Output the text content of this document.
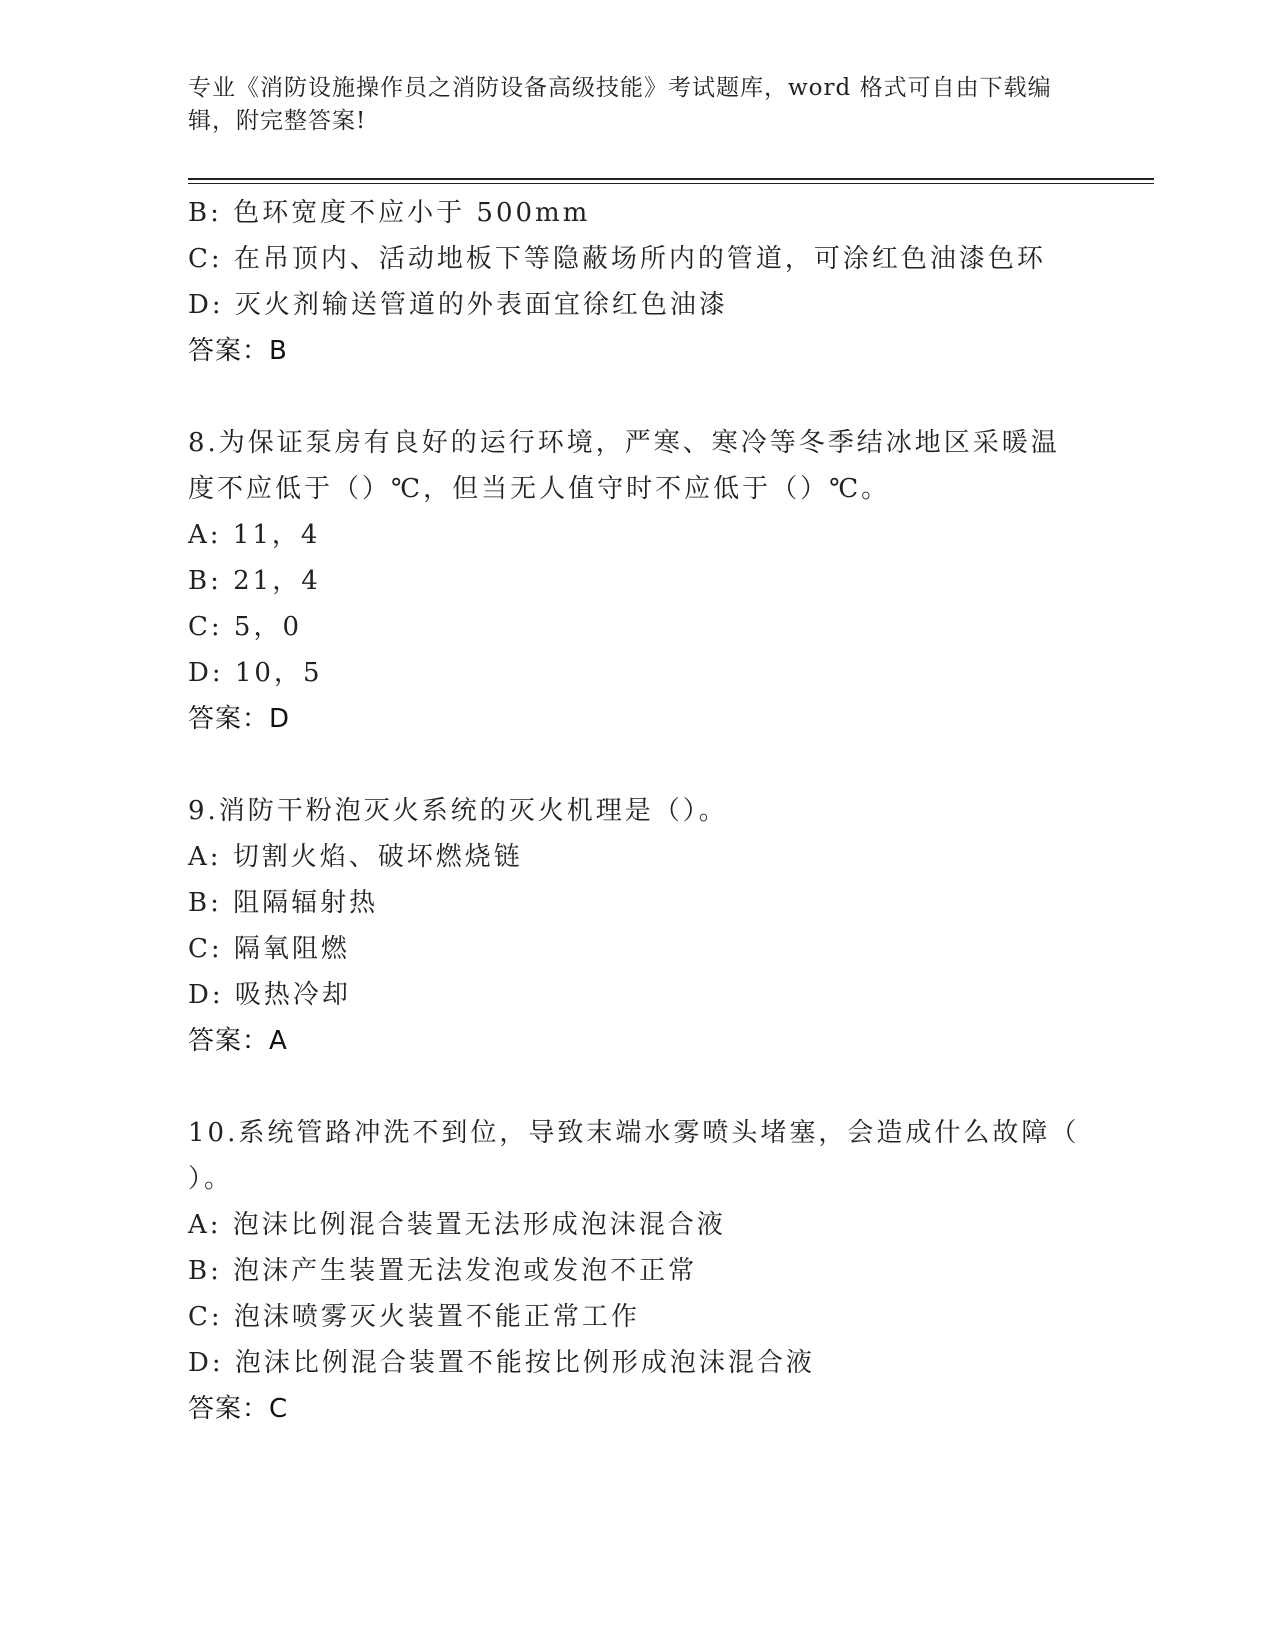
专业《消防设施操作员之消防设备高级技能》考试题库，word 格式可自由下载编
辑，附完整答案!
B: 色环宽度不应小于 500mm
C: 在吊顶内、活动地板下等隐蔽场所内的管道，可涂红色油漆色环
D: 灭火剂输送管道的外表面宜徐红色油漆
答案：B
8.为保证泵房有良好的运行环境，严寒、寒冷等冬季结冰地区采暖温
度不应低于（）℃，但当无人值守时不应低于（）℃。
A: 11，4
B: 21，4
C: 5，0
D: 10，5
答案：D
9.消防干粉泡灭火系统的灭火机理是（）。
A: 切割火焰、破坏燃烧链
B: 阻隔辐射热
C: 隔氧阻燃
D: 吸热冷却
答案：A
10.系统管路冲洗不到位，导致末端水雾喷头堵塞，会造成什么故障（
）。
A: 泡沫比例混合装置无法形成泡沫混合液
B: 泡沫产生装置无法发泡或发泡不正常
C: 泡沫喷雾灭火装置不能正常工作
D: 泡沫比例混合装置不能按比例形成泡沫混合液
答案：C
